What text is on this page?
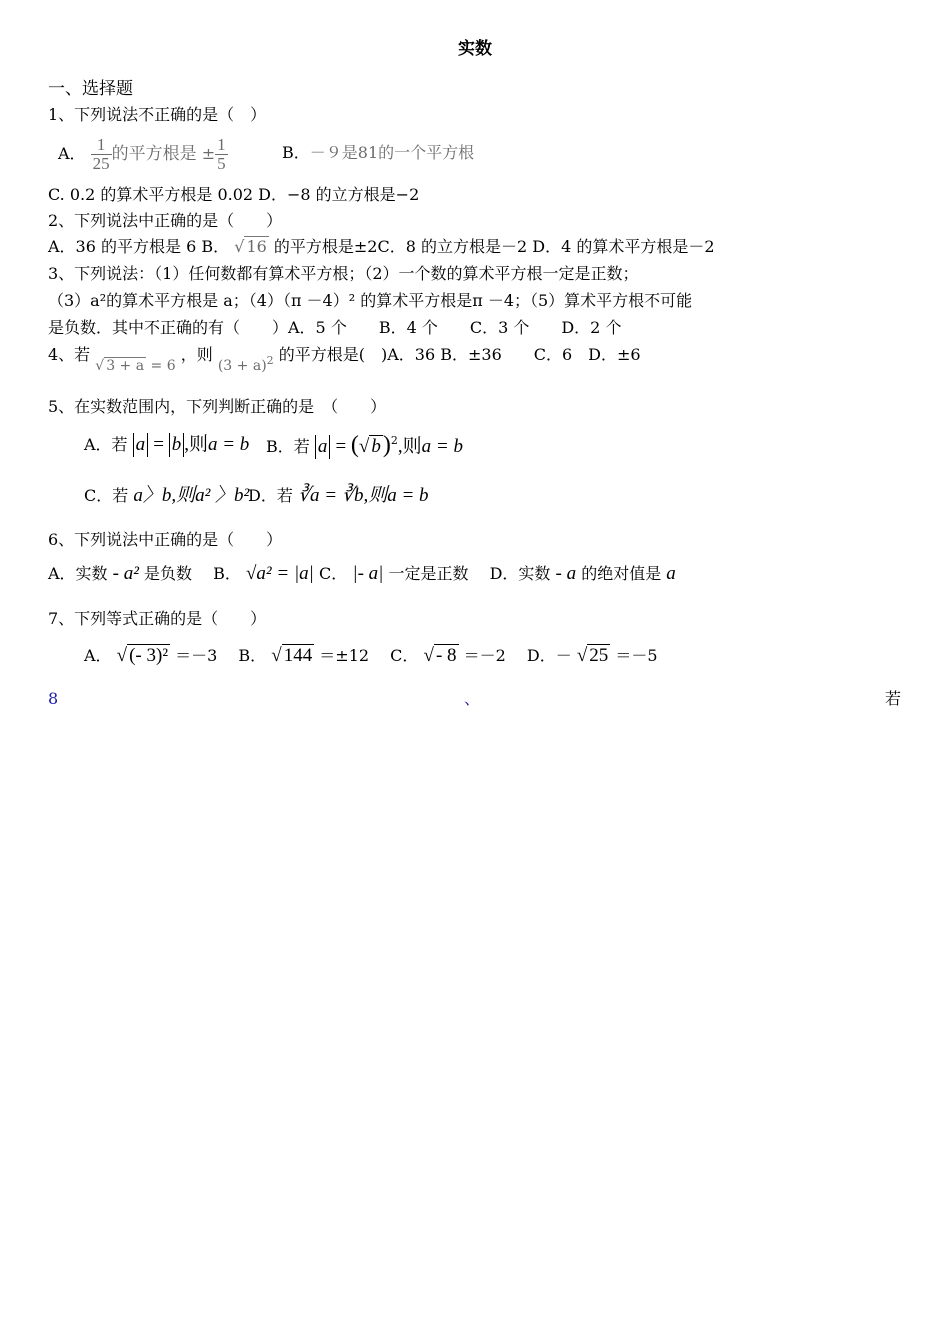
实数
一、选择题
1、下列说法不正确的是（　）
A． $\frac{1}{25}$ 的平方根是 ± $\frac{1}{5}$	B．－９是81的一个平方根
C. 0.2 的算术平方根是 0.02 D．−8 的立方根是−2
2、下列说法中正确的是（　　）
A．36 的平方根是 6 B． √ 16 的平方根是±2C．8 的立方根是－2 D．4 的算术平方根是－2
3、下列说法：（1）任何数都有算术平方根；（2）一个数的算术平方根一定是正数；
（3）a²的算术平方根是 a；（4）（π －4）² 的算术平方根是π －4；（5）算术平方根不可能
是负数．其中不正确的有（　　）A．5 个　　B．4 个　　C．3 个　　D．2 个
4、若 √ 3 + a = 6 ，则 $(3 + a)^2$ 的平方根是(　)A．36 B．±36　　C．6　D．±6
5、在实数范围内，下列判断正确的是　（　　）
A．若 a = b ,则a = b B．若 a = (√ b)$^2$,则a = b
C．若 a〉b,则a² 〉b²
D．若 ∛a = ∛b,则a = b
6、下列说法中正确的是（　　）
A．实数 - a² 是负数  B． √a² = |a| C． |- a| 一定是正数  D．实数 - a 的绝对值是 a
7、下列等式正确的是（　　）
A． √ (- 3)² ＝－3  B． √ 144 ＝±12  C． √ - 8 ＝－2  D．－ √ 25 ＝－5
8	、	若
